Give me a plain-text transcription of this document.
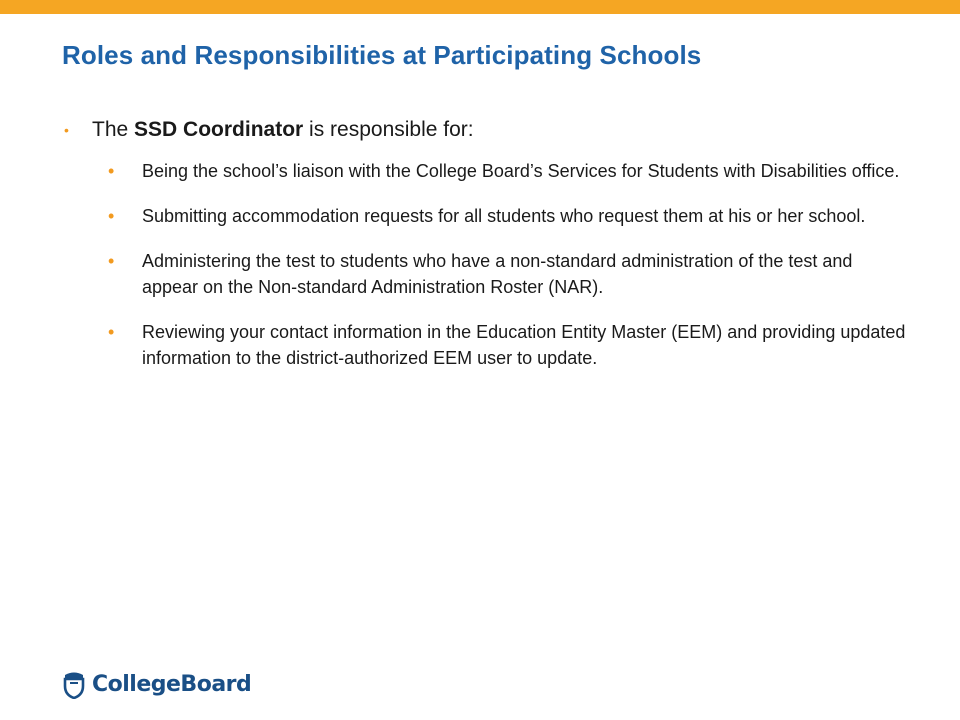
Roles and Responsibilities at Participating Schools
• The SSD Coordinator is responsible for:
• Being the school’s liaison with the College Board’s Services for Students with Disabilities office.
• Submitting accommodation requests for all students who request them at his or her school.
• Administering the test to students who have a non-standard administration of the test and appear on the Non-standard Administration Roster (NAR).
• Reviewing your contact information in the Education Entity Master (EEM) and providing updated information to the district-authorized EEM user to update.
CollegeBoard
